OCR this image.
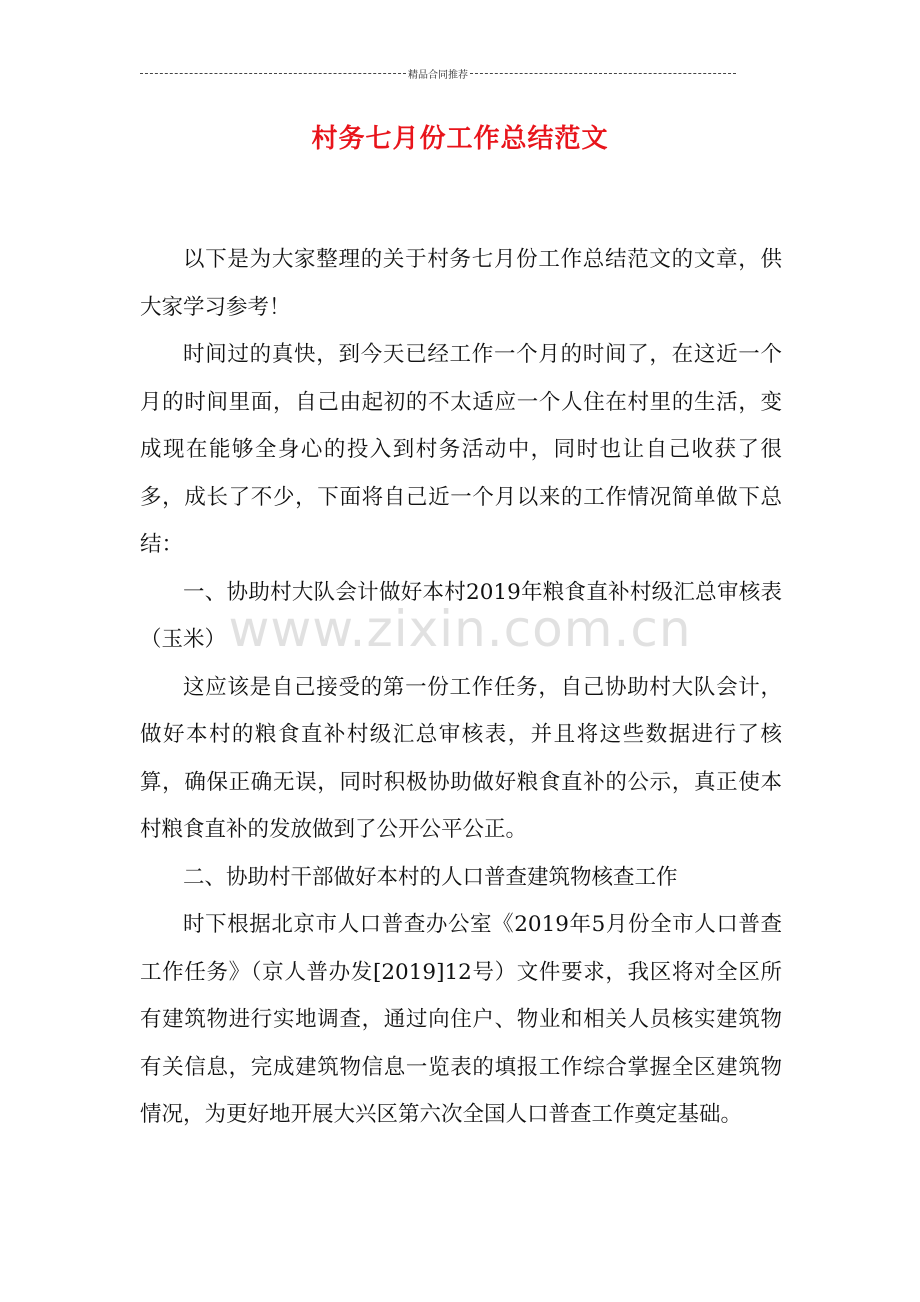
精品合同推荐
村务七月份工作总结范文

以下是为大家整理的关于村务七月份工作总结范文的文章，供大家学习参考！

时间过的真快，到今天已经工作一个月的时间了，在这近一个月的时间里面，自己由起初的不太适应一个人住在村里的生活，变成现在能够全身心的投入到村务活动中，同时也让自己收获了很多，成长了不少，下面将自己近一个月以来的工作情况简单做下总结：

一、协助村大队会计做好本村2019年粮食直补村级汇总审核表（玉米）

这应该是自己接受的第一份工作任务，自己协助村大队会计，做好本村的粮食直补村级汇总审核表，并且将这些数据进行了核算，确保正确无误，同时积极协助做好粮食直补的公示，真正使本村粮食直补的发放做到了公开公平公正。

二、协助村干部做好本村的人口普查建筑物核查工作

时下根据北京市人口普查办公室《2019年5月份全市人口普查工作任务》（京人普办发[2019]12号）文件要求，我区将对全区所有建筑物进行实地调查，通过向住户、物业和相关人员核实建筑物有关信息，完成建筑物信息一览表的填报工作综合掌握全区建筑物情况，为更好地开展大兴区第六次全国人口普查工作奠定基础。

www.zixin.com.cn
